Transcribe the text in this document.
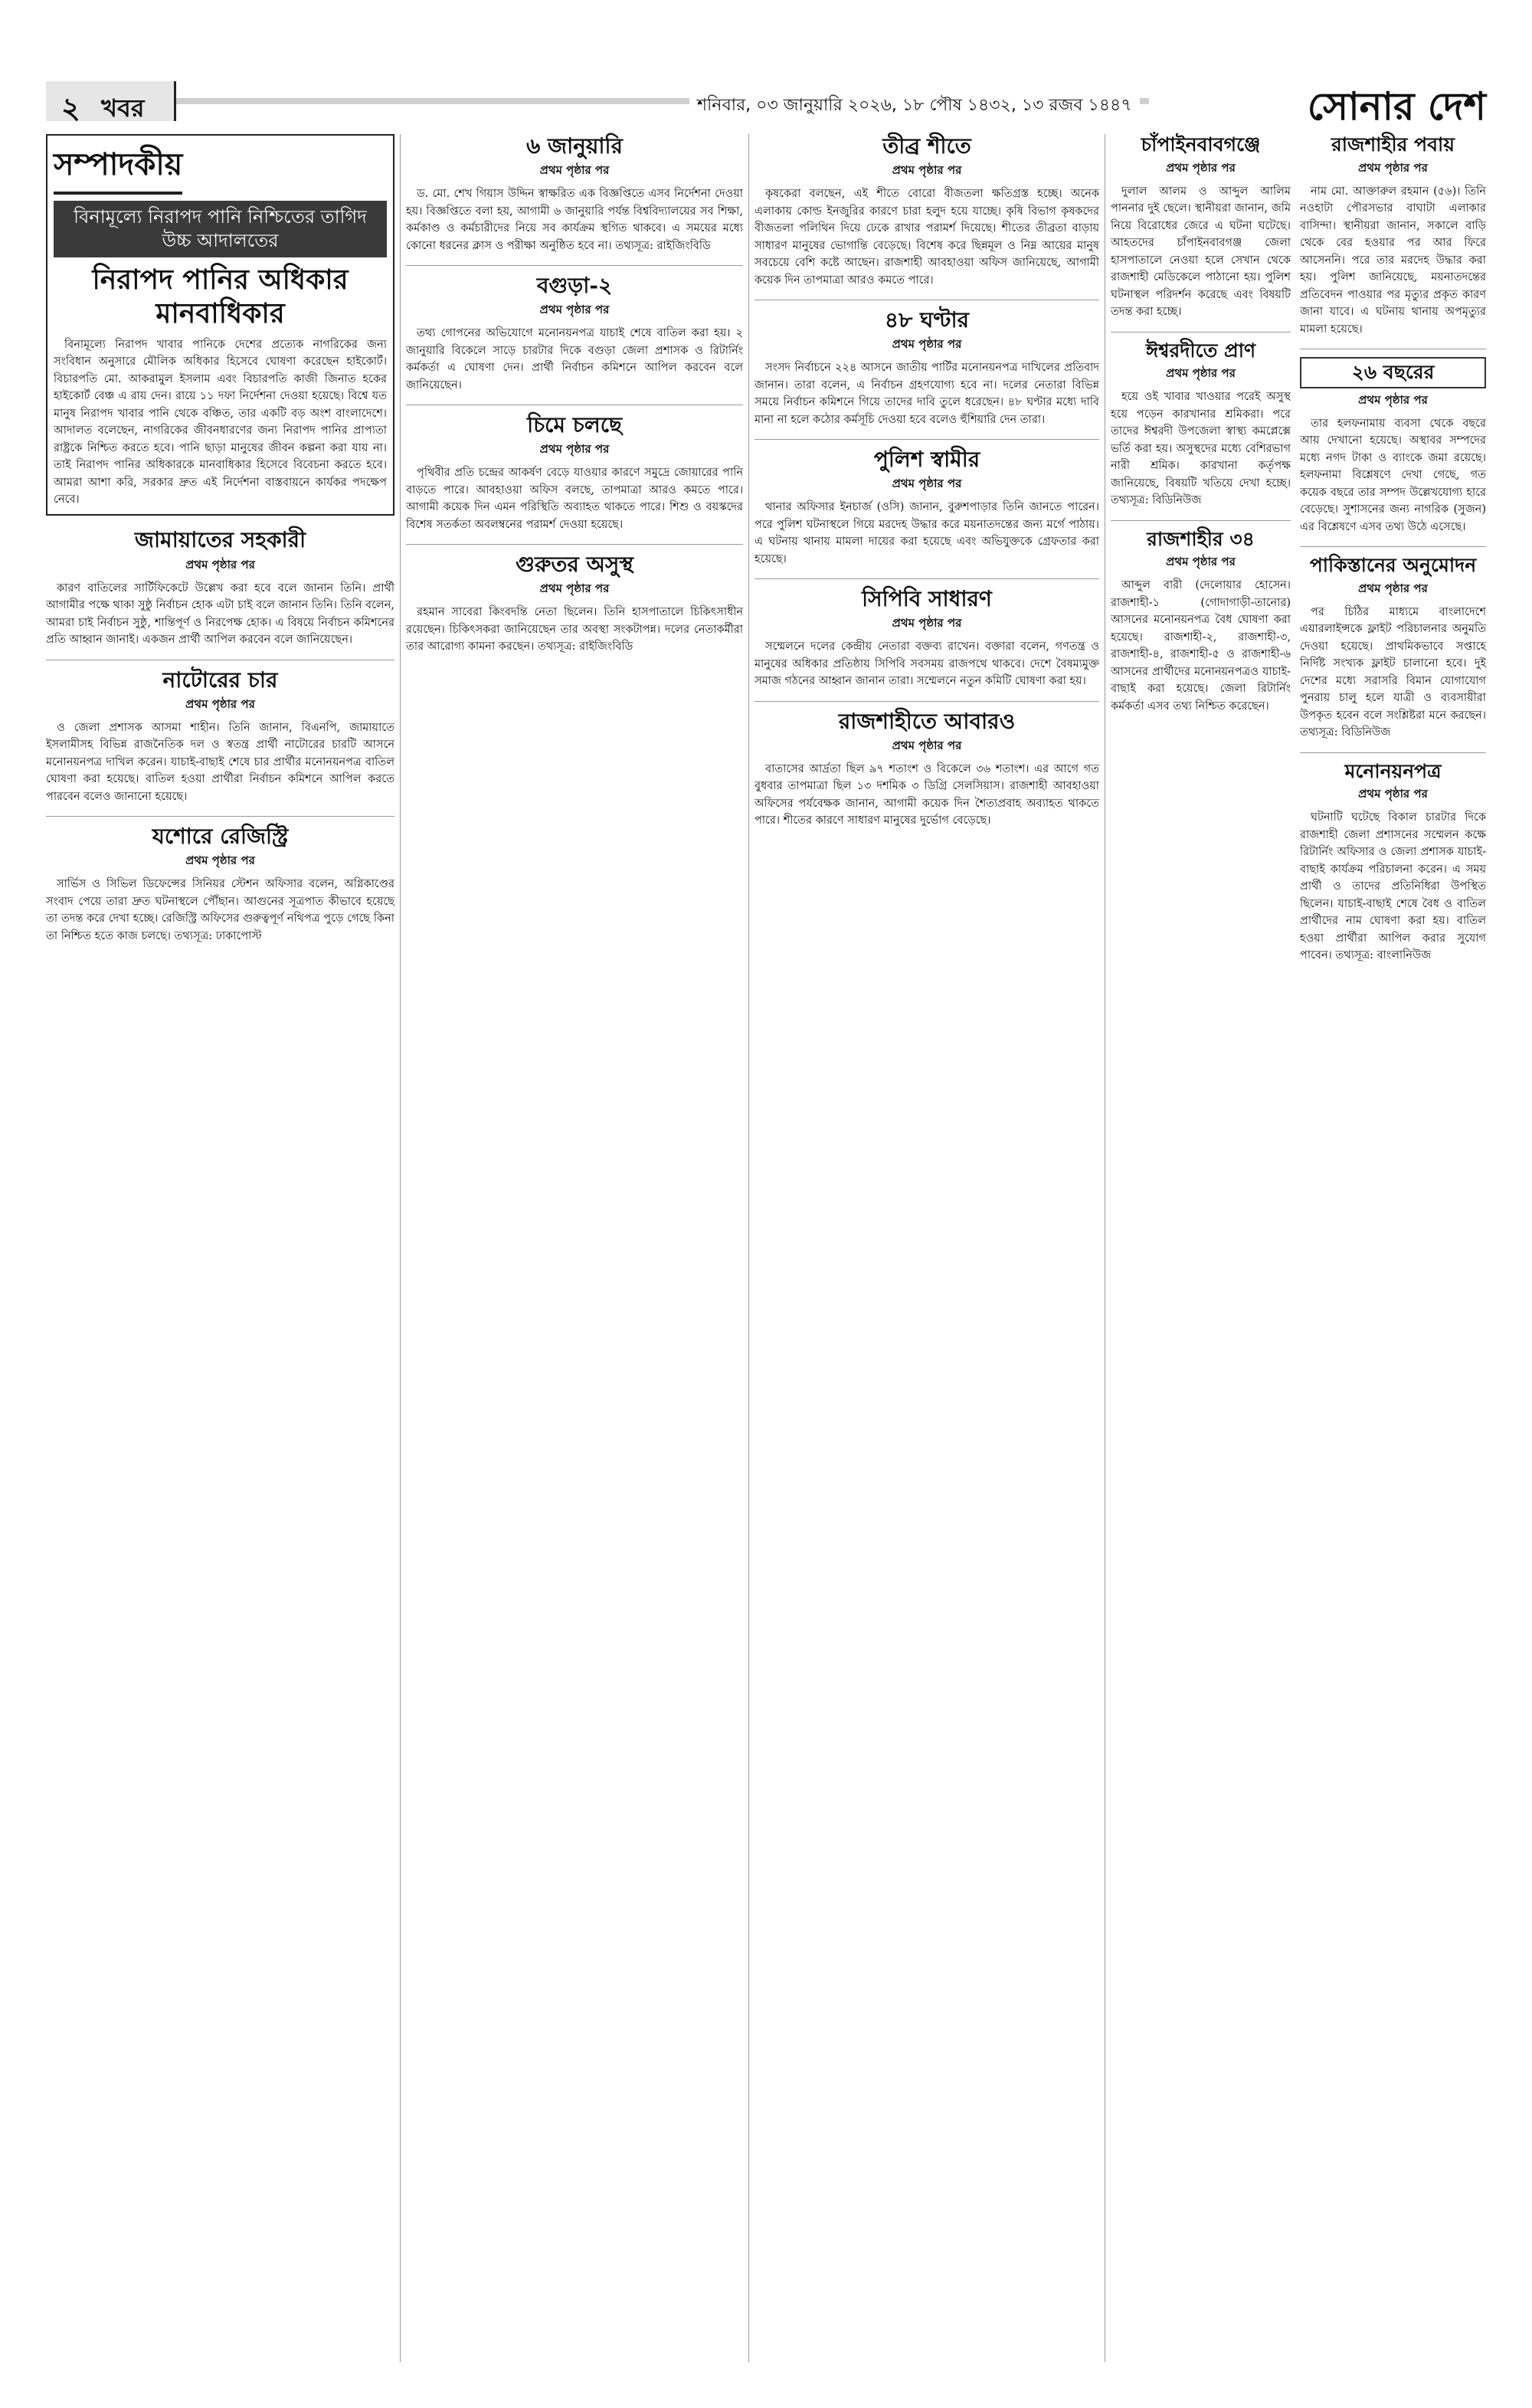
২ খবর	শনিবার, ০৩ জানুয়ারি ২০২৬, ১৮ পৌষ ১৪৩২, ১৩ রজব ১৪৪৭	সোনার দেশ
সম্পাদকীয়
বিনামূল্যে নিরাপদ পানি নিশ্চিতের তাগিদ উচ্চ আদালতের
নিরাপদ পানির অধিকার মানবাধিকার

বিনামূল্যে নিরাপদ খাবার পানিকে দেশের প্রত্যেক নাগরিকের জন্য সংবিধান অনুসারে মৌলিক অধিকার হিসেবে ঘোষণা করেছেন হাইকোর্ট। বিচারপতি মো. আকরামুল ইসলাম এবং বিচারপতি কাজী জিনাত হকের হাইকোর্ট বেঞ্চ এ রায় দেন। রায়ে ১১ দফা নির্দেশনা দেওয়া হয়েছে। বিশ্বে যত মানুষ নিরাপদ খাবার পানি থেকে বঞ্চিত, তার একটি বড় অংশ বাংলাদেশে। আদালত বলেছেন, নাগরিকের জীবনধারণের জন্য নিরাপদ পানির প্রাপ্যতা রাষ্ট্রকে নিশ্চিত করতে হবে। পানি ছাড়া মানুষের জীবন কল্পনা করা যায় না। তাই নিরাপদ পানির অধিকারকে মানবাধিকার হিসেবে বিবেচনা করতে হবে। আমরা আশা করি, সরকার দ্রুত এই নির্দেশনা বাস্তবায়নে কার্যকর পদক্ষেপ নেবে।

জামায়াতের সহকারী
প্রথম পৃষ্ঠার পর

কারণ বাতিলের সার্টিফিকেটে উল্লেখ করা হবে বলে জানান তিনি। প্রার্থী আগামীর পক্ষে থাকা সুষ্ঠু নির্বাচন হোক এটা চাই বলে জানান তিনি। তিনি বলেন, আমরা চাই নির্বাচন সুষ্ঠু, শান্তিপূর্ণ ও নিরপেক্ষ হোক। এ বিষয়ে নির্বাচন কমিশনের প্রতি আহ্বান জানাই। একজন প্রার্থী আপিল করবেন বলে জানিয়েছেন।

নাটোরের চার
প্রথম পৃষ্ঠার পর

ও জেলা প্রশাসক আসমা শাহীন। তিনি জানান, বিএনপি, জামায়াতে ইসলামীসহ বিভিন্ন রাজনৈতিক দল ও স্বতন্ত্র প্রার্থী নাটোরের চারটি আসনে মনোনয়নপত্র দাখিল করেন। যাচাই-বাছাই শেষে চার প্রার্থীর মনোনয়নপত্র বাতিল ঘোষণা করা হয়েছে। বাতিল হওয়া প্রার্থীরা নির্বাচন কমিশনে আপিল করতে পারবেন বলেও জানানো হয়েছে।

যশোরে রেজিস্ট্রি
প্রথম পৃষ্ঠার পর

সার্ভিস ও সিভিল ডিফেন্সের সিনিয়র স্টেশন অফিসার বলেন, অগ্নিকাণ্ডের সংবাদ পেয়ে তারা দ্রুত ঘটনাস্থলে পৌঁছান। আগুনের সূত্রপাত কীভাবে হয়েছে তা তদন্ত করে দেখা হচ্ছে। রেজিস্ট্রি অফিসের গুরুত্বপূর্ণ নথিপত্র পুড়ে গেছে কিনা তা নিশ্চিত হতে কাজ চলছে। তথ্যসূত্র: ঢাকাপোস্ট

৬ জানুয়ারি
প্রথম পৃষ্ঠার পর

ড. মো. শেখ গিয়াস উদ্দিন স্বাক্ষরিত এক বিজ্ঞপ্তিতে এসব নির্দেশনা দেওয়া হয়। বিজ্ঞপ্তিতে বলা হয়, আগামী ৬ জানুয়ারি পর্যন্ত বিশ্ববিদ্যালয়ের সব শিক্ষা, কর্মকাণ্ড ও কর্মচারীদের নিয়ে সব কার্যক্রম স্থগিত থাকবে। এ সময়ের মধ্যে কোনো ধরনের ক্লাস ও পরীক্ষা অনুষ্ঠিত হবে না। তথ্যসূত্র: রাইজিংবিডি

বগুড়া-২
প্রথম পৃষ্ঠার পর

তথ্য গোপনের অভিযোগে মনোনয়নপত্র যাচাই শেষে বাতিল করা হয়। ২ জানুয়ারি বিকেলে সাড়ে চারটার দিকে বগুড়া জেলা প্রশাসক ও রিটার্নিং কর্মকর্তা এ ঘোষণা দেন। প্রার্থী নির্বাচন কমিশনে আপিল করবেন বলে জানিয়েছেন।

চিমে চলছে
প্রথম পৃষ্ঠার পর

পৃথিবীর প্রতি চন্দ্রের আকর্ষণ বেড়ে যাওয়ার কারণে সমুদ্রে জোয়ারের পানি বাড়তে পারে। আবহাওয়া অফিস বলছে, তাপমাত্রা আরও কমতে পারে। আগামী কয়েক দিন এমন পরিস্থিতি অব্যাহত থাকতে পারে। শিশু ও বয়স্কদের বিশেষ সতর্কতা অবলম্বনের পরামর্শ দেওয়া হয়েছে।

গুরুতর অসুস্থ
প্রথম পৃষ্ঠার পর

রহমান সাবেরা কিংবদন্তি নেতা ছিলেন। তিনি হাসপাতালে চিকিৎসাধীন রয়েছেন। চিকিৎসকরা জানিয়েছেন তার অবস্থা সংকটাপন্ন। দলের নেতাকর্মীরা তার আরোগ্য কামনা করছেন। তথ্যসূত্র: রাইজিংবিডি

তীব্র শীতে
প্রথম পৃষ্ঠার পর

কৃষকেরা বলছেন, এই শীতে বোরো বীজতলা ক্ষতিগ্রস্ত হচ্ছে। অনেক এলাকায় কোল্ড ইনজুরির কারণে চারা হলুদ হয়ে যাচ্ছে। কৃষি বিভাগ কৃষকদের বীজতলা পলিথিন দিয়ে ঢেকে রাখার পরামর্শ দিয়েছে। শীতের তীব্রতা বাড়ায় সাধারণ মানুষের ভোগান্তি বেড়েছে। বিশেষ করে ছিন্নমূল ও নিম্ন আয়ের মানুষ সবচেয়ে বেশি কষ্টে আছেন। রাজশাহী আবহাওয়া অফিস জানিয়েছে, আগামী কয়েক দিন তাপমাত্রা আরও কমতে পারে।

৪৮ ঘণ্টার
প্রথম পৃষ্ঠার পর

সংসদ নির্বাচনে ২২৪ আসনে জাতীয় পার্টির মনোনয়নপত্র দাখিলের প্রতিবাদ জানান। তারা বলেন, এ নির্বাচন গ্রহণযোগ্য হবে না। দলের নেতারা বিভিন্ন সময়ে নির্বাচন কমিশনে গিয়ে তাদের দাবি তুলে ধরেছেন। ৪৮ ঘণ্টার মধ্যে দাবি মানা না হলে কঠোর কর্মসূচি দেওয়া হবে বলেও হুঁশিয়ারি দেন তারা।

পুলিশ স্বামীর
প্রথম পৃষ্ঠার পর

থানার অফিসার ইনচার্জ (ওসি) জানান, বুরুশপাড়ার তিনি জানতে পারেন। পরে পুলিশ ঘটনাস্থলে গিয়ে মরদেহ উদ্ধার করে ময়নাতদন্তের জন্য মর্গে পাঠায়। এ ঘটনায় থানায় মামলা দায়ের করা হয়েছে এবং অভিযুক্তকে গ্রেফতার করা হয়েছে।

সিপিবি সাধারণ
প্রথম পৃষ্ঠার পর

সম্মেলনে দলের কেন্দ্রীয় নেতারা বক্তব্য রাখেন। বক্তারা বলেন, গণতন্ত্র ও মানুষের অধিকার প্রতিষ্ঠায় সিপিবি সবসময় রাজপথে থাকবে। দেশে বৈষম্যমুক্ত সমাজ গঠনের আহ্বান জানান তারা। সম্মেলনে নতুন কমিটি ঘোষণা করা হয়।

রাজশাহীতে আবারও
প্রথম পৃষ্ঠার পর

বাতাসের আর্দ্রতা ছিল ৯৭ শতাংশ ও বিকেলে ৩৬ শতাংশ। এর আগে গত বুধবার তাপমাত্রা ছিল ১৩ দশমিক ৩ ডিগ্রি সেলসিয়াস। রাজশাহী আবহাওয়া অফিসের পর্যবেক্ষক জানান, আগামী কয়েক দিন শৈত্যপ্রবাহ অব্যাহত থাকতে পারে। শীতের কারণে সাধারণ মানুষের দুর্ভোগ বেড়েছে।

চাঁপাইনবাবগঞ্জে
প্রথম পৃষ্ঠার পর

দুলাল আলম ও আব্দুল আলিম পাননার দুই ছেলে। স্থানীয়রা জানান, জমি নিয়ে বিরোধের জেরে এ ঘটনা ঘটেছে। আহতদের চাঁপাইনবাবগঞ্জ জেলা হাসপাতালে নেওয়া হলে সেখান থেকে রাজশাহী মেডিকেলে পাঠানো হয়। পুলিশ ঘটনাস্থল পরিদর্শন করেছে এবং বিষয়টি তদন্ত করা হচ্ছে।

ঈশ্বরদীতে প্রাণ
প্রথম পৃষ্ঠার পর

হয়ে ওই খাবার খাওয়ার পরেই অসুস্থ হয়ে পড়েন কারখানার শ্রমিকরা। পরে তাদের ঈশ্বরদী উপজেলা স্বাস্থ্য কমপ্লেক্সে ভর্তি করা হয়। অসুস্থদের মধ্যে বেশিরভাগ নারী শ্রমিক। কারখানা কর্তৃপক্ষ জানিয়েছে, বিষয়টি খতিয়ে দেখা হচ্ছে। তথ্যসূত্র: বিডিনিউজ

রাজশাহীর ৩৪
প্রথম পৃষ্ঠার পর

আব্দুল বারী (দেলোয়ার হোসেন। রাজশাহী-১ (গোদাগাড়ী-তানোর) আসনের মনোনয়নপত্র বৈধ ঘোষণা করা হয়েছে। রাজশাহী-২, রাজশাহী-৩, রাজশাহী-৪, রাজশাহী-৫ ও রাজশাহী-৬ আসনের প্রার্থীদের মনোনয়নপত্রও যাচাই-বাছাই করা হয়েছে। জেলা রিটার্নিং কর্মকর্তা এসব তথ্য নিশ্চিত করেছেন।

রাজশাহীর পবায়
প্রথম পৃষ্ঠার পর

নাম মো. আক্তারুল রহমান (৫৬)। তিনি নওহাটা পৌরসভার বাঘাটা এলাকার বাসিন্দা। স্থানীয়রা জানান, সকালে বাড়ি থেকে বের হওয়ার পর আর ফিরে আসেননি। পরে তার মরদেহ উদ্ধার করা হয়। পুলিশ জানিয়েছে, ময়নাতদন্তের প্রতিবেদন পাওয়ার পর মৃত্যুর প্রকৃত কারণ জানা যাবে। এ ঘটনায় থানায় অপমৃত্যুর মামলা হয়েছে।

২৬ বছরের
প্রথম পৃষ্ঠার পর

তার হলফনামায় ব্যবসা থেকে বছরে আয় দেখানো হয়েছে। অস্থাবর সম্পদের মধ্যে নগদ টাকা ও ব্যাংকে জমা রয়েছে। হলফনামা বিশ্লেষণে দেখা গেছে, গত কয়েক বছরে তার সম্পদ উল্লেখযোগ্য হারে বেড়েছে। সুশাসনের জন্য নাগরিক (সুজন) এর বিশ্লেষণে এসব তথ্য উঠে এসেছে।

পাকিস্তানের অনুমোদন
প্রথম পৃষ্ঠার পর

পর চিঠির মাধ্যমে বাংলাদেশে এয়ারলাইন্সকে ফ্লাইট পরিচালনার অনুমতি দেওয়া হয়েছে। প্রাথমিকভাবে সপ্তাহে নির্দিষ্ট সংখ্যক ফ্লাইট চালানো হবে। দুই দেশের মধ্যে সরাসরি বিমান যোগাযোগ পুনরায় চালু হলে যাত্রী ও ব্যবসায়ীরা উপকৃত হবেন বলে সংশ্লিষ্টরা মনে করছেন। তথ্যসূত্র: বিডিনিউজ

মনোনয়নপত্র
প্রথম পৃষ্ঠার পর

ঘটনাটি ঘটেছে বিকাল চারটার দিকে রাজশাহী জেলা প্রশাসনের সম্মেলন কক্ষে রিটার্নিং অফিসার ও জেলা প্রশাসক যাচাই-বাছাই কার্যক্রম পরিচালনা করেন। এ সময় প্রার্থী ও তাদের প্রতিনিধিরা উপস্থিত ছিলেন। যাচাই-বাছাই শেষে বৈধ ও বাতিল প্রার্থীদের নাম ঘোষণা করা হয়। বাতিল হওয়া প্রার্থীরা আপিল করার সুযোগ পাবেন। তথ্যসূত্র: বাংলানিউজ
